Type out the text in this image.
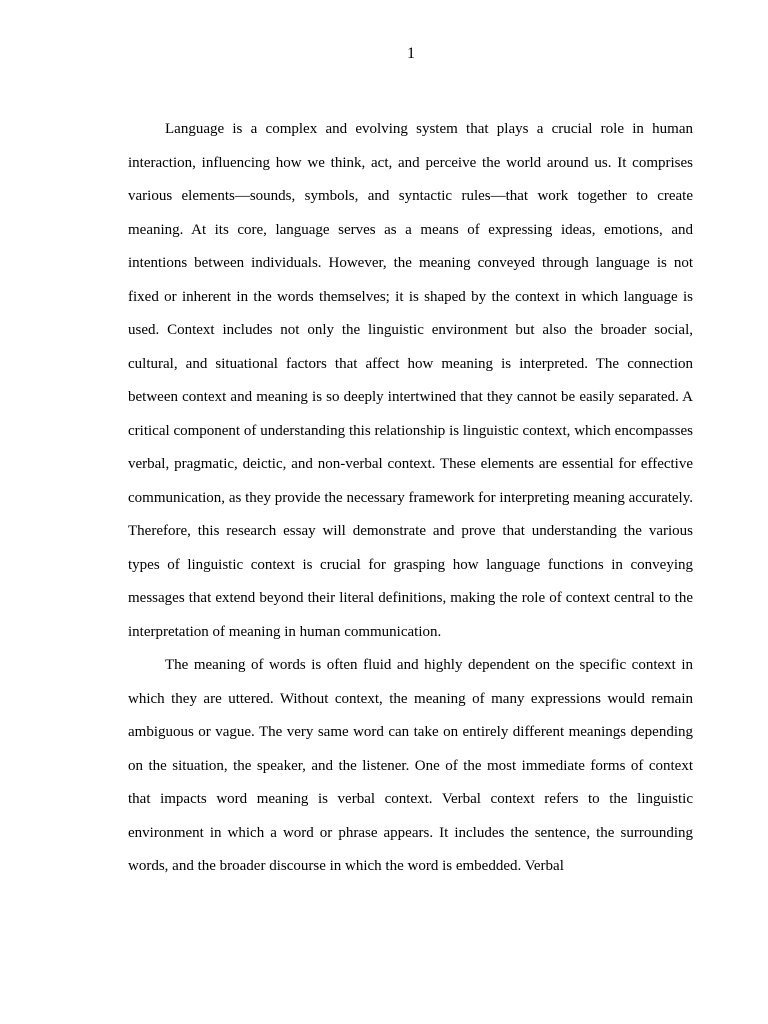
1

Language is a complex and evolving system that plays a crucial role in human interaction, influencing how we think, act, and perceive the world around us. It comprises various elements—sounds, symbols, and syntactic rules—that work together to create meaning. At its core, language serves as a means of expressing ideas, emotions, and intentions between individuals. However, the meaning conveyed through language is not fixed or inherent in the words themselves; it is shaped by the context in which language is used. Context includes not only the linguistic environment but also the broader social, cultural, and situational factors that affect how meaning is interpreted. The connection between context and meaning is so deeply intertwined that they cannot be easily separated. A critical component of understanding this relationship is linguistic context, which encompasses verbal, pragmatic, deictic, and non-verbal context. These elements are essential for effective communication, as they provide the necessary framework for interpreting meaning accurately. Therefore, this research essay will demonstrate and prove that understanding the various types of linguistic context is crucial for grasping how language functions in conveying messages that extend beyond their literal definitions, making the role of context central to the interpretation of meaning in human communication.

The meaning of words is often fluid and highly dependent on the specific context in which they are uttered. Without context, the meaning of many expressions would remain ambiguous or vague. The very same word can take on entirely different meanings depending on the situation, the speaker, and the listener. One of the most immediate forms of context that impacts word meaning is verbal context. Verbal context refers to the linguistic environment in which a word or phrase appears. It includes the sentence, the surrounding words, and the broader discourse in which the word is embedded. Verbal
